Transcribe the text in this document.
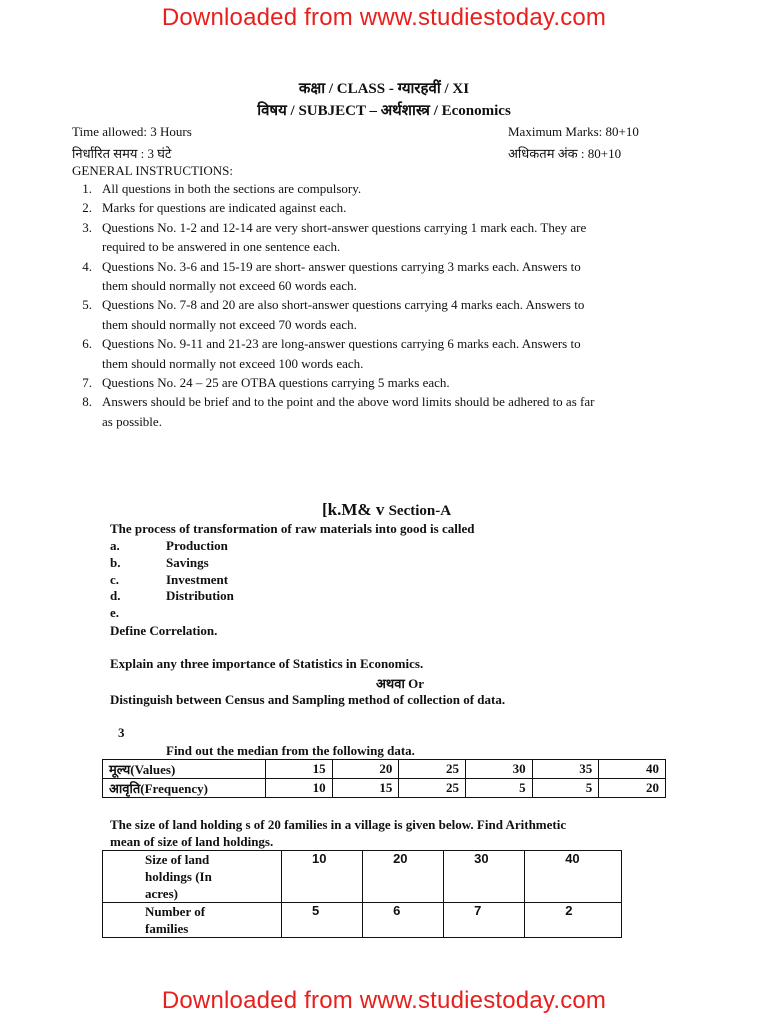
Downloaded from www.studiestoday.com
कक्षा / CLASS - ग्यारहवीं / XI
विषय / SUBJECT – अर्थशास्त्र / Economics
Time allowed: 3 Hours	Maximum Marks: 80+10
निर्धारित समय : 3 घंटे	अधिकतम अंक : 80+10
GENERAL INSTRUCTIONS:
1. All questions in both the sections are compulsory.
2. Marks for questions are indicated against each.
3. Questions No. 1-2 and 12-14 are very short-answer questions carrying 1 mark each. They are
required to be answered in one sentence each.
4. Questions No. 3-6 and 15-19 are short- answer questions carrying 3 marks each. Answers to
them should normally not exceed 60 words each.
5. Questions No. 7-8 and 20 are also short-answer questions carrying 4 marks each. Answers to
them should normally not exceed 70 words each.
6. Questions No. 9-11 and 21-23 are long-answer questions carrying 6 marks each. Answers to
them should normally not exceed 100 words each.
7. Questions No. 24 – 25 are OTBA questions carrying 5 marks each.
8. Answers should be brief and to the point and the above word limits should be adhered to as far
as possible.
[k.M& v Section-A
The process of transformation of raw materials into good is called
a.	Production
b.	Savings
c.	Investment
d.	Distribution
e.
Define Correlation.
Explain any three importance of Statistics in Economics.
अथवा Or
Distinguish between Census and Sampling method of collection of data.
3
Find out the median from the following data.
मूल्य(Values)	15	20	25	30	35	40
आवृति(Frequency)	10	15	25	5	5	20
The size of land holding s of 20 families in a village is given below. Find Arithmetic
mean of size of land holdings.
Size of land
holdings (In
acres)	10	20	30	40

Number of
families	5	6	7	2
Downloaded from www.studiestoday.com
